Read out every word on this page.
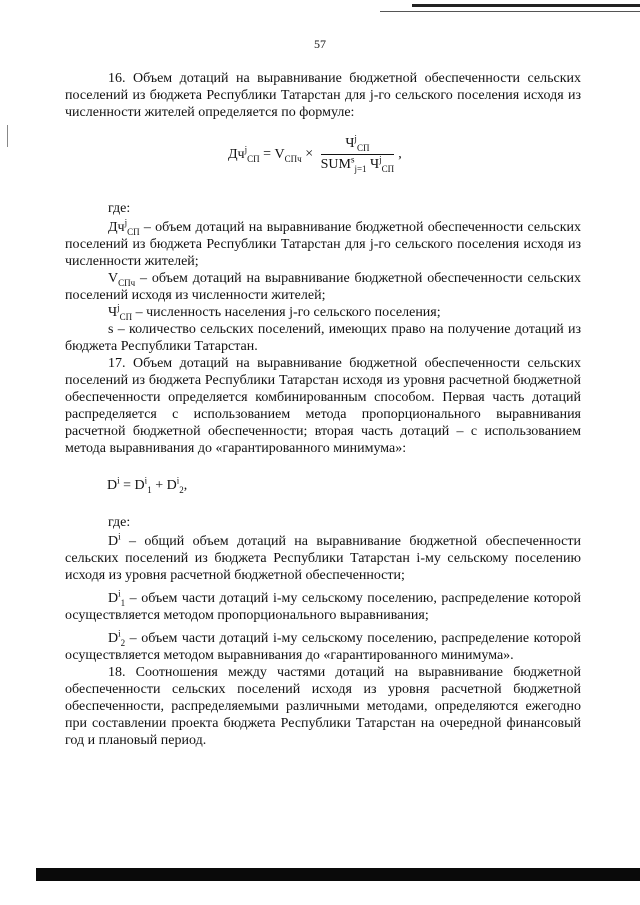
57

16. Объем дотаций на выравнивание бюджетной обеспеченности сельских поселений из бюджета Республики Татарстан для j-го сельского поселения исходя из численности жителей определяется по формуле:

$Дч^j_{СП} = V_{СПч} \times \frac{Ч^j_{СП}}{SUM^s_{j=1} Ч^j_{СП}}$ ,

где:

$Дч^j_{СП}$ – объем дотаций на выравнивание бюджетной обеспеченности сельских поселений из бюджета Республики Татарстан для j-го сельского поселения исходя из численности жителей;

$V_{СПч}$ – объем дотаций на выравнивание бюджетной обеспеченности сельских поселений исходя из численности жителей;

$Ч^j_{СП}$ – численность населения j-го сельского поселения;

s – количество сельских поселений, имеющих право на получение дотаций из бюджета Республики Татарстан.

17. Объем дотаций на выравнивание бюджетной обеспеченности сельских поселений из бюджета Республики Татарстан исходя из уровня расчетной бюджетной обеспеченности определяется комбинированным способом. Первая часть дотаций распределяется с использованием метода пропорционального выравнивания расчетной бюджетной обеспеченности; вторая часть дотаций – с использованием метода выравнивания до «гарантированного минимума»:

$D^i = D^i_1 + D^i_2$,

где:

$D^i$ – общий объем дотаций на выравнивание бюджетной обеспеченности сельских поселений из бюджета Республики Татарстан i-му сельскому поселению исходя из уровня расчетной бюджетной обеспеченности;

$D^i_1$ – объем части дотаций i-му сельскому поселению, распределение которой осуществляется методом пропорционального выравнивания;

$D^i_2$ – объем части дотаций i-му сельскому поселению, распределение которой осуществляется методом выравнивания до «гарантированного минимума».

18. Соотношения между частями дотаций на выравнивание бюджетной обеспеченности сельских поселений исходя из уровня расчетной бюджетной обеспеченности, распределяемыми различными методами, определяются ежегодно при составлении проекта бюджета Республики Татарстан на очередной финансовый год и плановый период.
